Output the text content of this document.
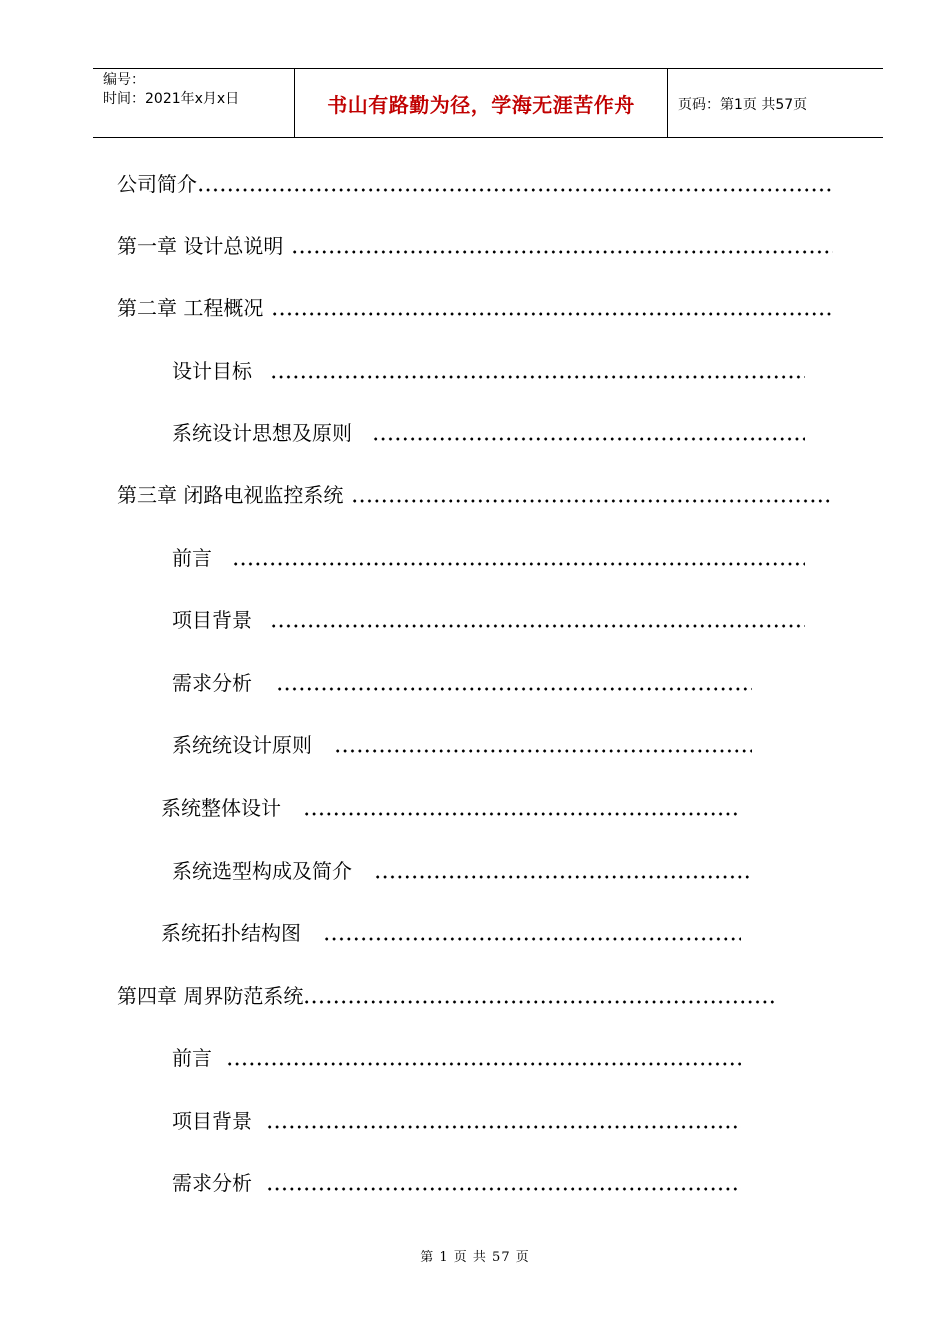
编号：
时间：2021年x月x日	书山有路勤为径，学海无涯苦作舟	页码：第1页 共57页
公司简介
第一章 设计总说明
第二章 工程概况
设计目标
系统设计思想及原则
第三章 闭路电视监控系统
前言
项目背景
需求分析
系统统设计原则
系统整体设计
系统选型构成及简介
系统拓扑结构图
第四章 周界防范系统
前言
项目背景
需求分析
第 1 页 共 57 页
